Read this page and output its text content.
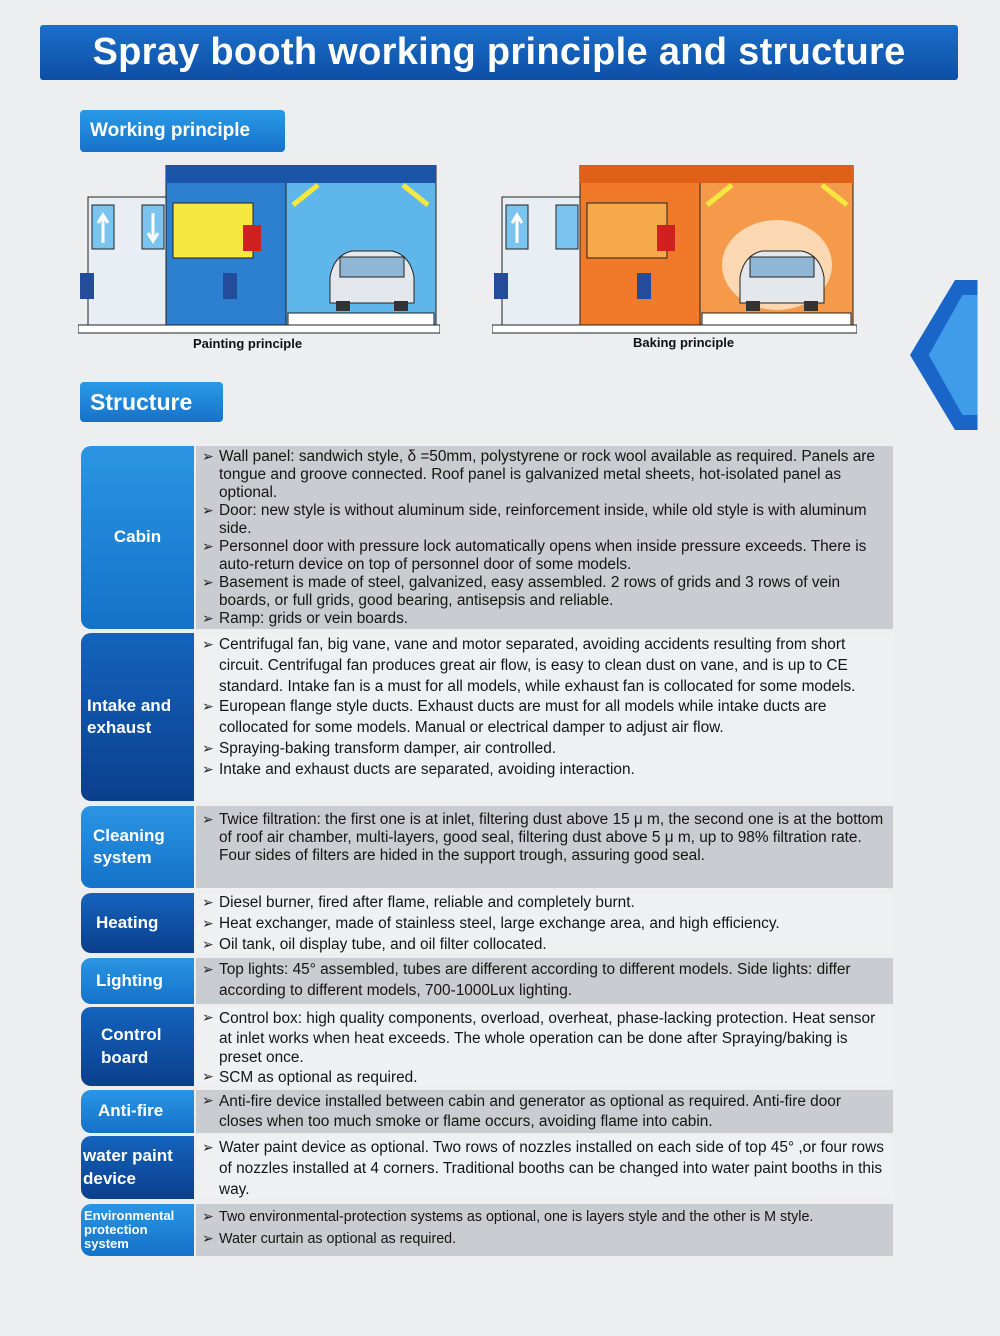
Spray booth working principle and structure
Working principle
Painting principle	Baking principle
Structure
Cabin
➢ Wall panel: sandwich style, δ =50mm, polystyrene or rock wool available as required. Panels are tongue and groove connected. Roof panel is galvanized metal sheets, hot-isolated panel as optional.
➢ Door: new style is without aluminum side, reinforcement inside, while old style is with aluminum side.
➢ Personnel door with pressure lock automatically opens when inside pressure exceeds. There is auto-return device on top of personnel door of some models.
➢ Basement is made of steel, galvanized, easy assembled. 2 rows of grids and 3 rows of vein boards, or full grids, good bearing, antisepsis and reliable.
➢ Ramp: grids or vein boards.
Intake and exhaust
➢ Centrifugal fan, big vane, vane and motor separated, avoiding accidents resulting from short circuit. Centrifugal fan produces great air flow, is easy to clean dust on vane, and is up to CE standard. Intake fan is a must for all models, while exhaust fan is collocated for some models.
➢ European flange style ducts. Exhaust ducts are must for all models while intake ducts are collocated for some models. Manual or electrical damper to adjust air flow.
➢ Spraying-baking transform damper, air controlled.
➢ Intake and exhaust ducts are separated, avoiding interaction.
Cleaning system
➢ Twice filtration: the first one is at inlet, filtering dust above 15 μ m, the second one is at the bottom of roof air chamber, multi-layers, good seal, filtering dust above 5 μ m, up to 98% filtration rate. Four sides of filters are hided in the support trough, assuring good seal.
Heating
➢ Diesel burner, fired after flame, reliable and completely burnt.
➢ Heat exchanger, made of stainless steel, large exchange area, and high efficiency.
➢ Oil tank, oil display tube, and oil filter collocated.
Lighting
➢ Top lights: 45° assembled, tubes are different according to different models. Side lights: differ according to different models, 700-1000Lux lighting.
Control board
➢ Control box: high quality components, overload, overheat, phase-lacking protection. Heat sensor at inlet works when heat exceeds. The whole operation can be done after Spraying/baking is preset once.
➢ SCM as optional as required.
Anti-fire
➢	Anti-fire device installed between cabin and generator as optional as required. Anti-fire door closes when too much smoke or flame occurs, avoiding flame into cabin.
water paint device
➢ Water paint device as optional. Two rows of nozzles installed on each side of top 45° ,or four rows of nozzles installed at 4 corners. Traditional booths can be changed into water paint booths in this way.
Environmental protection system
➢ Two environmental-protection systems as optional, one is layers style and the other is M style.
➢ Water curtain as optional as required.
